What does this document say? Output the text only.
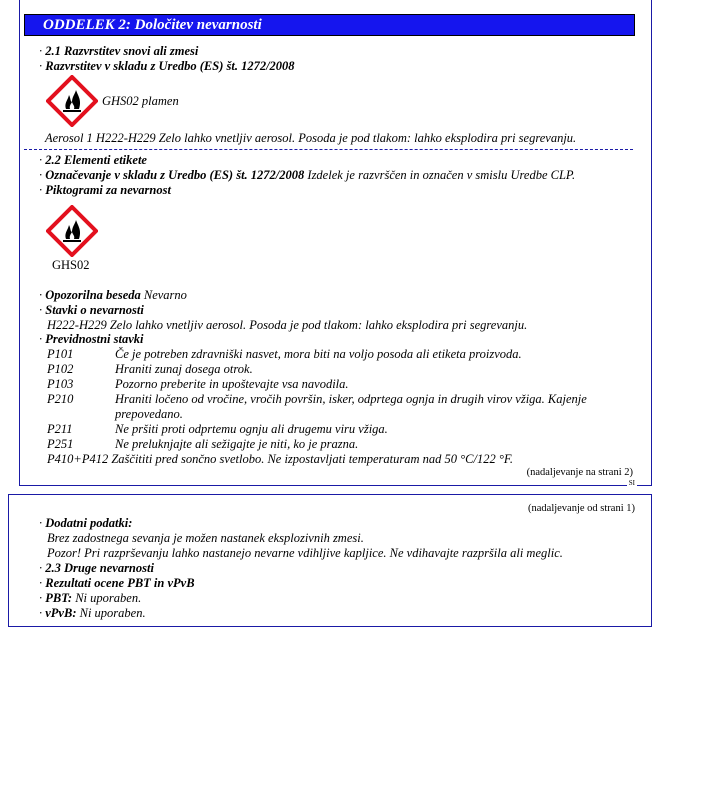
ODDELEK 2: Določitev nevarnosti
· 2.1 Razvrstitev snovi ali zmesi
· Razvrstitev v skladu z Uredbo (ES) št. 1272/2008
GHS02 plamen
Aerosol 1 H222-H229 Zelo lahko vnetljiv aerosol. Posoda je pod tlakom: lahko eksplodira pri segrevanju.
· 2.2 Elementi etikete
· Označevanje v skladu z Uredbo (ES) št. 1272/2008 Izdelek je razvrščen in označen v smislu Uredbe CLP.
· Piktogrami za nevarnost
GHS02
· Opozorilna beseda Nevarno
· Stavki o nevarnosti
H222-H229 Zelo lahko vnetljiv aerosol. Posoda je pod tlakom: lahko eksplodira pri segrevanju.
· Previdnostni stavki
P101	Če je potreben zdravniški nasvet, mora biti na voljo posoda ali etiketa proizvoda.
P102	Hraniti zunaj dosega otrok.
P103	Pozorno preberite in upoštevajte vsa navodila.
P210	Hraniti ločeno od vročine, vročih površin, isker, odprtega ognja in drugih virov vžiga. Kajenje prepovedano.
P211	Ne pršiti proti odprtemu ognju ali drugemu viru vžiga.
P251	Ne preluknjajte ali sežigajte je niti, ko je prazna.
P410+P412 Zaščititi pred sončno svetlobo. Ne izpostavljati temperaturam nad 50 °C/122 °F.
(nadaljevanje na strani 2)
SI
(nadaljevanje od strani 1)
· Dodatni podatki:
Brez zadostnega sevanja je možen nastanek eksplozivnih zmesi.
Pozor! Pri razprševanju lahko nastanejo nevarne vdihljive kapljice. Ne vdihavajte razpršila ali meglic.
· 2.3 Druge nevarnosti
· Rezultati ocene PBT in vPvB
· PBT: Ni uporaben.
· vPvB: Ni uporaben.
